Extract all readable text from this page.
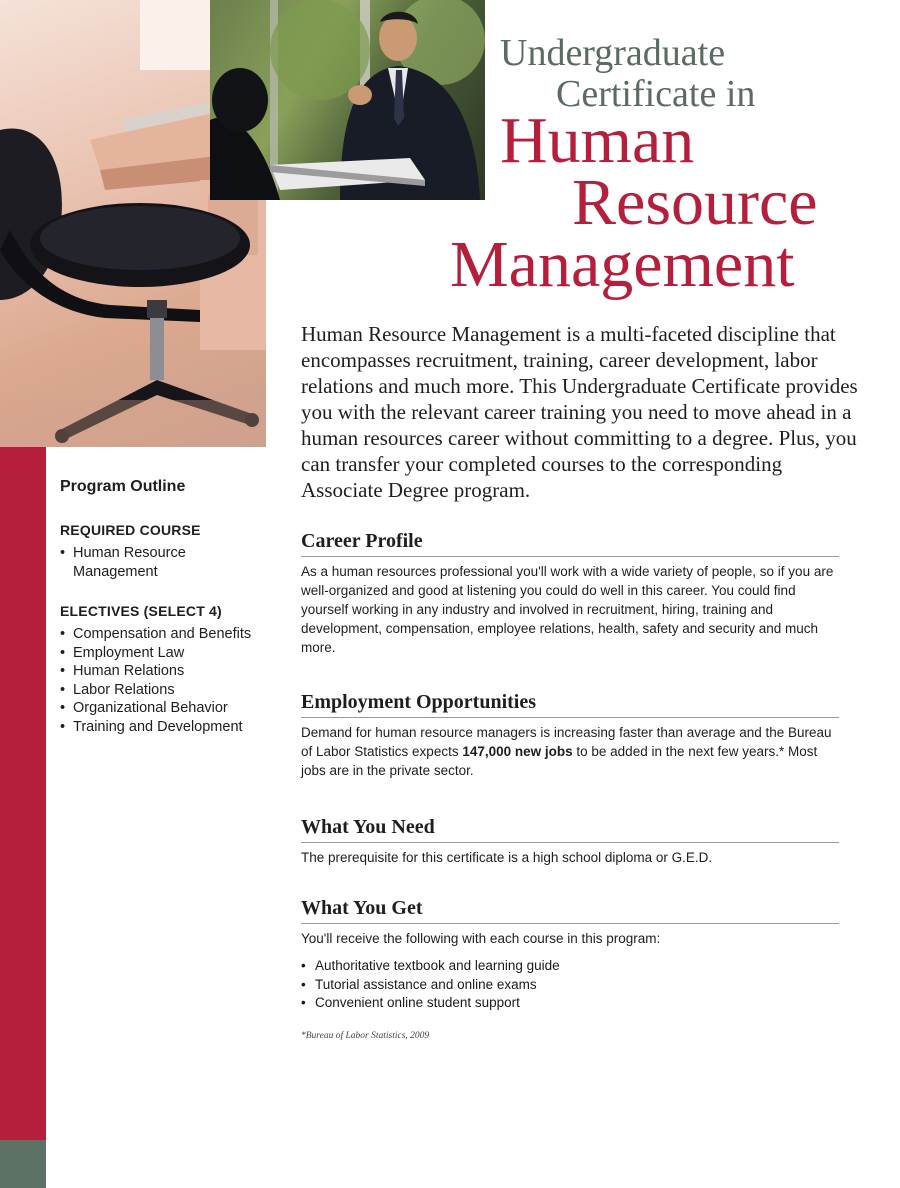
Undergraduate
Certificate in
Human
Resource
Management

Human Resource Management is a multi-faceted discipline that encompasses recruitment, training, career development, labor relations and much more. This Undergraduate Certificate provides you with the relevant career training you need to move ahead in a human resources career without committing to a degree. Plus, you can transfer your completed courses to the corresponding Associate Degree program.

Program Outline
REQUIRED COURSE
• Human Resource Management
ELECTIVES (SELECT 4)
• Compensation and Benefits
• Employment Law
• Human Relations
• Labor Relations
• Organizational Behavior
• Training and Development
Career Profile

As a human resources professional you'll work with a wide variety of people, so if you are well-organized and good at listening you could do well in this career. You could find yourself working in any industry and involved in recruitment, hiring, training and development, compensation, employee relations, health, safety and security and much more.

Employment Opportunities

Demand for human resource managers is increasing faster than average and the Bureau of Labor Statistics expects 147,000 new jobs to be added in the next few years.* Most jobs are in the private sector.

What You Need

The prerequisite for this certificate is a high school diploma or G.E.D.

What You Get

You'll receive the following with each course in this program:

• Authoritative textbook and learning guide
• Tutorial assistance and online exams
• Convenient online student support
*Bureau of Labor Statistics, 2009
